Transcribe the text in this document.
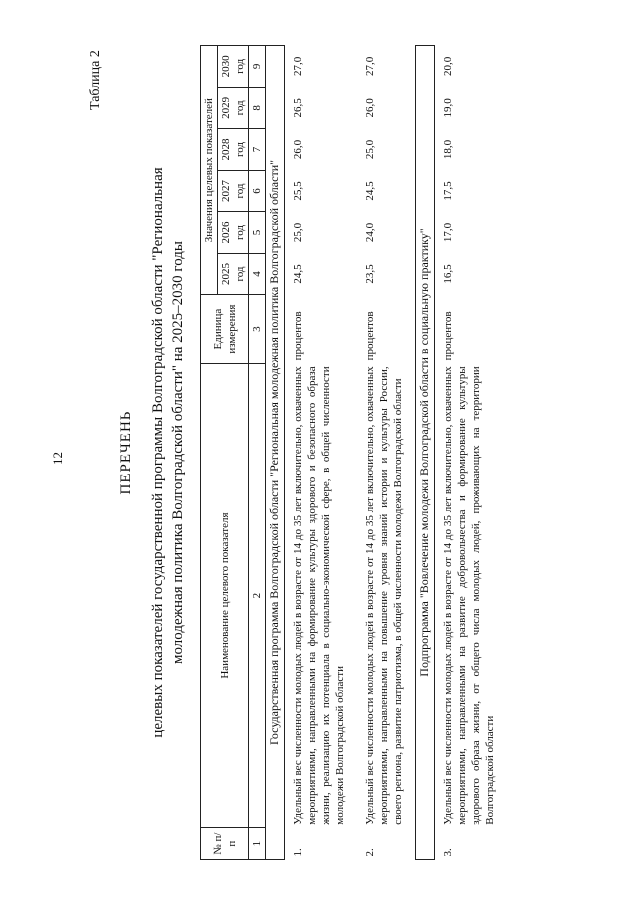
12
Таблица 2
ПЕРЕЧЕНЬ целевых показателей государственной программы Волгоградской области "Региональная молодежная политика Волгоградской области" на 2025–2030 годы
№ п/п	Наименование целевого показателя	Единица измерения	Значения целевых показателей					
			2025 год	2026 год	2027 год	2028 год	2029 год	2030 год
1	2	3	4	5	6	7	8	9
Государственная программа Волгоградской области "Региональная молодежная политика Волгоградской области"								
1.	Удельный вес численности молодых людей в возрасте от 14 до 35 лет включительно, охваченных мероприятиями, направленными на формирование культуры здорового и безопасного образа жизни, реализацию их потенциала в социально-экономической сфере, в общей численности молодежи Волгоградской области	процентов	24,5	25,0	25,5	26,0	26,5	27,0
2.	Удельный вес численности молодых людей в возрасте от 14 до 35 лет включительно, охваченных мероприятиями, направленными на повышение уровня знаний истории и культуры России, своего региона, развитие патриотизма, в общей численности молодежи Волгоградской области	процентов	23,5	24,0	24,5	25,0	26,0	27,0
Подпрограмма "Вовлечение молодежи Волгоградской области в социальную практику"								
3.	Удельный вес численности молодых людей в возрасте от 14 до 35 лет включительно, охваченных мероприятиями, направленными на развитие добровольчества и формирование культуры здорового образа жизни, от общего числа молодых людей, проживающих на территории Волгоградской области	процентов	16,5	17,0	17,5	18,0	19,0	20,0
